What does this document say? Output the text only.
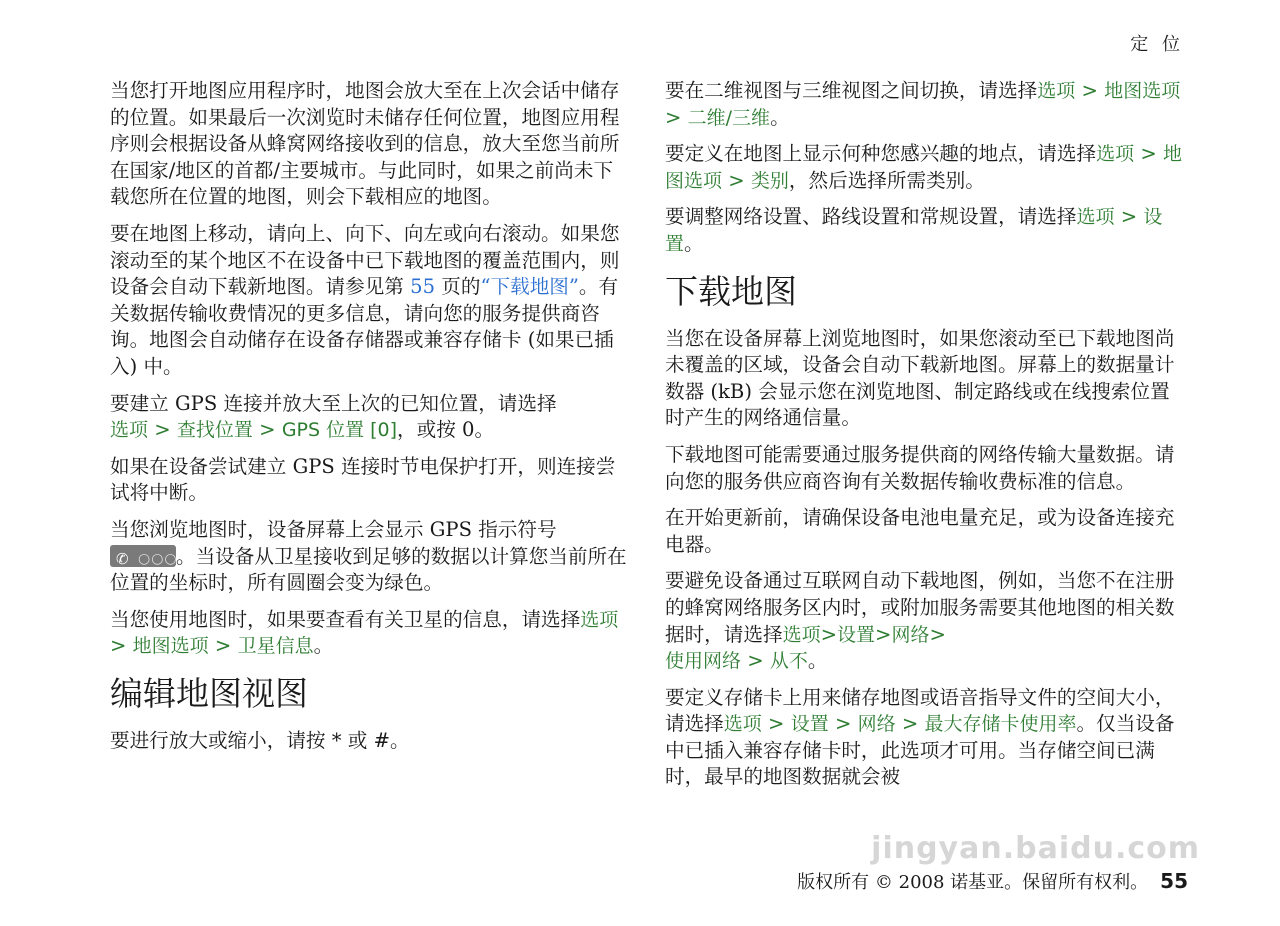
定 位

当您打开地图应用程序时，地图会放大至在上次会话中储存的位置。如果最后一次浏览时未储存任何位置，地图应用程序则会根据设备从蜂窝网络接收到的信息，放大至您当前所在国家/地区的首都/主要城市。与此同时，如果之前尚未下载您所在位置的地图，则会下载相应的地图。

要在地图上移动，请向上、向下、向左或向右滚动。如果您滚动至的某个地区不在设备中已下载地图的覆盖范围内，则设备会自动下载新地图。请参见第 55 页的“下载地图”。有关数据传输收费情况的更多信息，请向您的服务提供商咨询。地图会自动储存在设备存储器或兼容存储卡 (如果已插入) 中。

要建立 GPS 连接并放大至上次的已知位置，请选择
选项 > 查找位置 > GPS 位置 [0]，或按 0。

如果在设备尝试建立 GPS 连接时节电保护打开，则连接尝试将中断。

当您浏览地图时，设备屏幕上会显示 GPS 指示符号

✆ ○○○
。当设备从卫星接收到足够的数据以计算您当前所在位置的坐标时，所有圆圈会变为绿色。

当您使用地图时，如果要查看有关卫星的信息，请选择选项 > 地图选项 > 卫星信息。

编辑地图视图

要进行放大或缩小，请按 * 或 #。

要在二维视图与三维视图之间切换，请选择选项 > 地图选项 > 二维/三维。

要定义在地图上显示何种您感兴趣的地点，请选择选项 > 地图选项 > 类别，然后选择所需类别。

要调整网络设置、路线设置和常规设置，请选择选项 > 设置。

下载地图

当您在设备屏幕上浏览地图时，如果您滚动至已下载地图尚未覆盖的区域，设备会自动下载新地图。屏幕上的数据量计数器 (kB) 会显示您在浏览地图、制定路线或在线搜索位置时产生的网络通信量。

下载地图可能需要通过服务提供商的网络传输大量数据。请向您的服务供应商咨询有关数据传输收费标准的信息。

在开始更新前，请确保设备电池电量充足，或为设备连接充电器。

要避免设备通过互联网自动下载地图，例如，当您不在注册的蜂窝网络服务区内时，或附加服务需要其他地图的相关数据时，请选择选项>设置>网络>
使用网络 > 从不。

要定义存储卡上用来储存地图或语音指导文件的空间大小，请选择选项 > 设置 > 网络 > 最大存储卡使用率。仅当设备中已插入兼容存储卡时，此选项才可用。当存储空间已满时，最早的地图数据就会被

jingyan.baidu.com
版权所有 © 2008 诺基亚。保留所有权利。 55
